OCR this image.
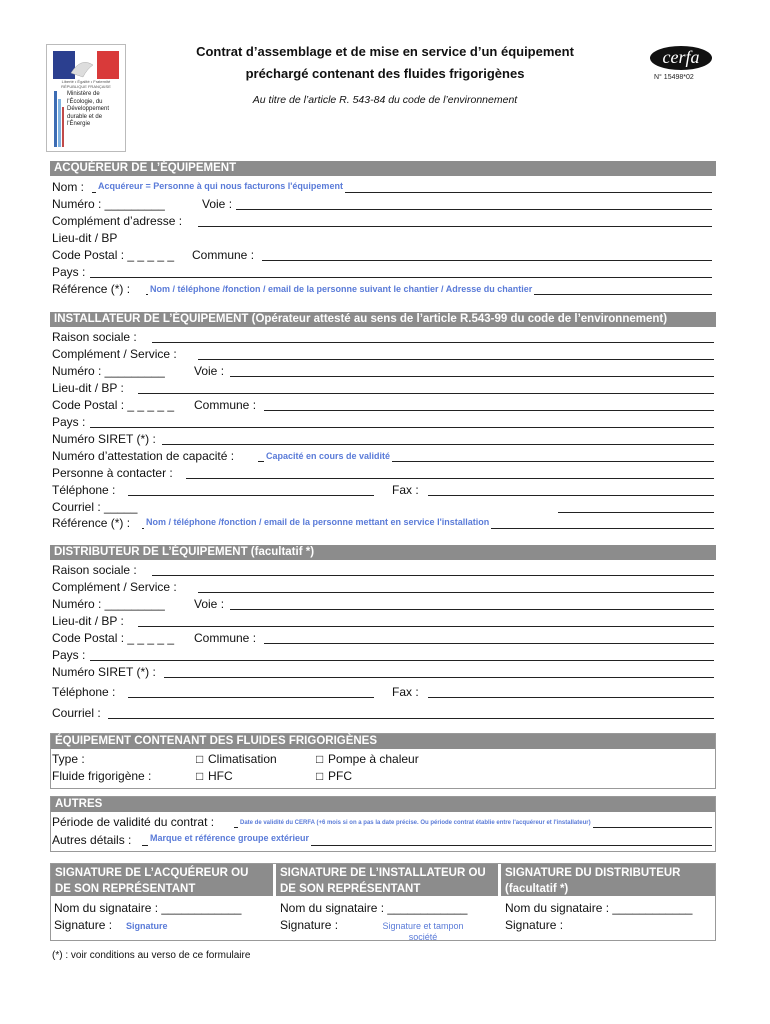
Liberté • Égalité • Fraternité
RÉPUBLIQUE FRANÇAISE
Ministère de l'Écologie, du Développement durable et de l'Énergie
Contrat d’assemblage et de mise en service d’un équipement
préchargé contenant des fluides frigorigènes
Au titre de l’article R. 543-84 du code de l’environnement
cerfa
N° 15498*02
ACQUÉREUR DE L’ÉQUIPEMENT
Nom : Acquéreur = Personne à qui nous facturons l'équipement
Numéro : _________	Voie :
Complément d’adresse :
Lieu-dit / BP
Code Postal : _ _ _ _ _ Commune :
Pays :
Référence (*) : Nom / téléphone /fonction / email de la personne suivant le chantier / Adresse du chantier
INSTALLATEUR DE L’ÉQUIPEMENT (Opérateur attesté au sens de l’article R.543-99 du code de l’environnement)
Raison sociale :
Complément / Service :
Numéro : _________ Voie :
Lieu-dit / BP :
Code Postal : _ _ _ _ _ Commune :
Pays :
Numéro SIRET (*) :
Numéro d’attestation de capacité :	Capacité en cours de validité
Personne à contacter :
Téléphone :	Fax :
Courriel : _____
Référence (*) : Nom / téléphone /fonction / email de la personne mettant en service l'installation
DISTRIBUTEUR DE L’ÉQUIPEMENT (facultatif *)
Raison sociale :
Complément / Service :
Numéro : _________ Voie :
Lieu-dit / BP :
Code Postal : _ _ _ _ _ Commune :
Pays :
Numéro SIRET (*) :
Téléphone :	Fax :
Courriel :
ÉQUIPEMENT CONTENANT DES FLUIDES FRIGORIGÈNES
Type :	□ Climatisation	□ Pompe à chaleur
Fluide frigorigène :	□ HFC	□ PFC
AUTRES
Période de validité du contrat :	Date de validité du CERFA (+6 mois si on a pas la date précise. Ou période contrat établie entre l'acquéreur et l'installateur)
Autres détails : Marque et référence groupe extérieur
SIGNATURE DE L’ACQUÉREUR OU
DE SON REPRÉSENTANT
SIGNATURE DE L’INSTALLATEUR OU
DE SON REPRÉSENTANT
SIGNATURE DU DISTRIBUTEUR
(facultatif *)
Nom du signataire : ____________
Signature : Signature
Nom du signataire : ____________
Signature :	Signature et tampon société
Nom du signataire : ____________
Signature :
(*) : voir conditions au verso de ce formulaire
